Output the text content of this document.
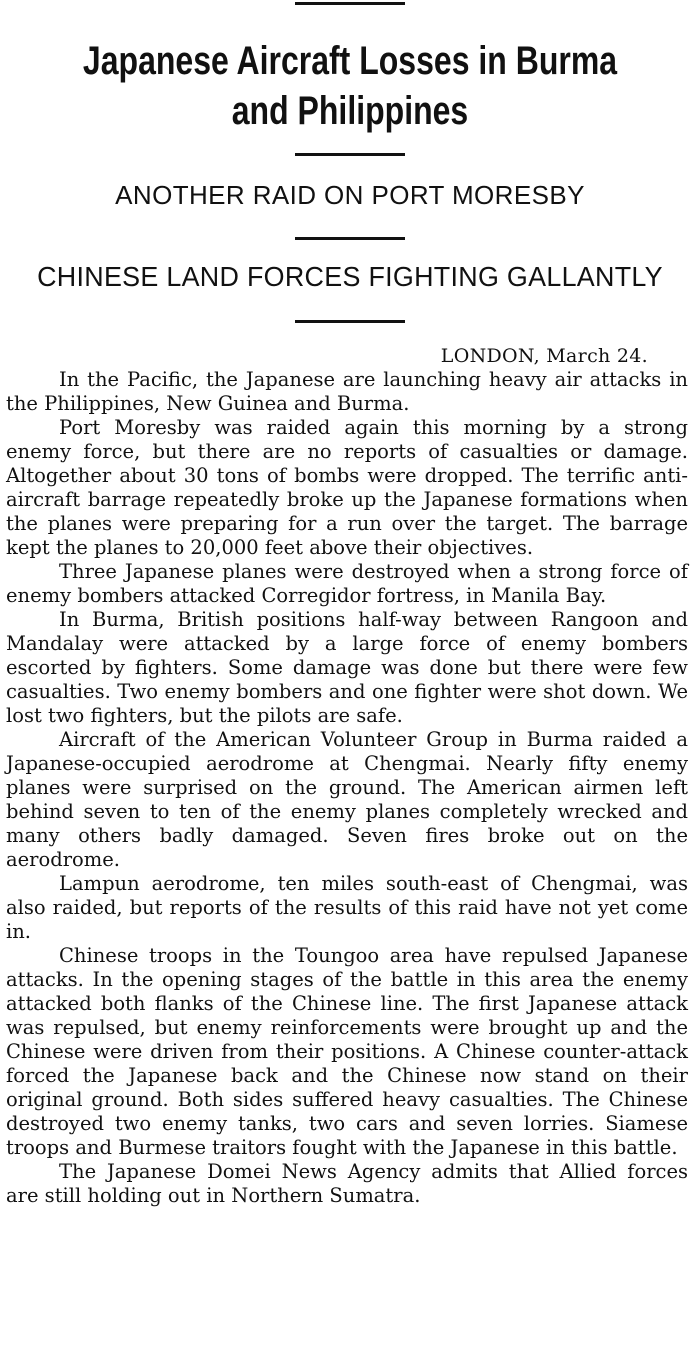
Japanese Aircraft Losses in Burma
and Philippines
ANOTHER RAID ON PORT MORESBY
CHINESE LAND FORCES FIGHTING GALLANTLY
LONDON, March 24.

In the Pacific, the Japanese are launching heavy air attacks in the Philippines, New Guinea and Burma.

Port Moresby was raided again this morning by a strong enemy force, but there are no reports of casualties or damage. Altogether about 30 tons of bombs were dropped. The terrific anti-aircraft barrage repeatedly broke up the Japanese formations when the planes were preparing for a run over the target. The barrage kept the planes to 20,000 feet above their objectives.

Three Japanese planes were destroyed when a strong force of enemy bombers attacked Corregidor fortress, in Manila Bay.

In Burma, British positions half-way between Rangoon and Mandalay were attacked by a large force of enemy bombers escorted by fighters. Some damage was done but there were few casualties. Two enemy bombers and one fighter were shot down. We lost two fighters, but the pilots are safe.

Aircraft of the American Volunteer Group in Burma raided a Japanese-occupied aerodrome at Chengmai. Nearly fifty enemy planes were surprised on the ground. The American airmen left behind seven to ten of the enemy planes completely wrecked and many others badly damaged. Seven fires broke out on the aerodrome.

Lampun aerodrome, ten miles south-east of Chengmai, was also raided, but reports of the results of this raid have not yet come in.

Chinese troops in the Toungoo area have repulsed Japanese attacks. In the opening stages of the battle in this area the enemy attacked both flanks of the Chinese line. The first Japanese attack was repulsed, but enemy reinforcements were brought up and the Chinese were driven from their positions. A Chinese counter-attack forced the Japanese back and the Chinese now stand on their original ground. Both sides suffered heavy casualties. The Chinese destroyed two enemy tanks, two cars and seven lorries. Siamese troops and Burmese traitors fought with the Japanese in this battle.

The Japanese Domei News Agency admits that Allied forces are still holding out in Northern Sumatra.
